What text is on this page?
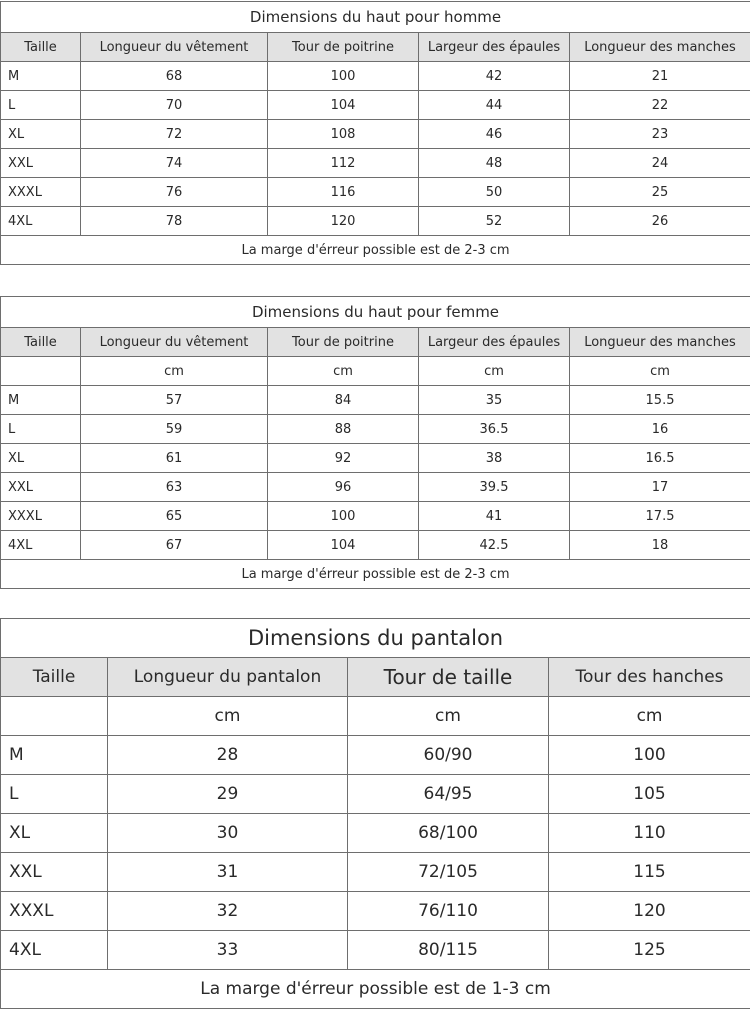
Dimensions du haut pour homme				
Taille	Longueur du vêtement	Tour de poitrine	Largeur des épaules	Longueur des manches
M	68	100	42	21
L	70	104	44	22
XL	72	108	46	23
XXL	74	112	48	24
XXXL	76	116	50	25
4XL	78	120	52	26
La marge d'érreur possible est de 2-3 cm				
Dimensions du haut pour femme				
Taille	Longueur du vêtement	Tour de poitrine	Largeur des épaules	Longueur des manches
	cm	cm	cm	cm
M	57	84	35	15.5
L	59	88	36.5	16
XL	61	92	38	16.5
XXL	63	96	39.5	17
XXXL	65	100	41	17.5
4XL	67	104	42.5	18
La marge d'érreur possible est de 2-3 cm				
Dimensions du pantalon			
Taille	Longueur du pantalon	Tour de taille	Tour des hanches
	cm	cm	cm
M	28	60/90	100
L	29	64/95	105
XL	30	68/100	110
XXL	31	72/105	115
XXXL	32	76/110	120
4XL	33	80/115	125
La marge d'érreur possible est de 1-3 cm			
